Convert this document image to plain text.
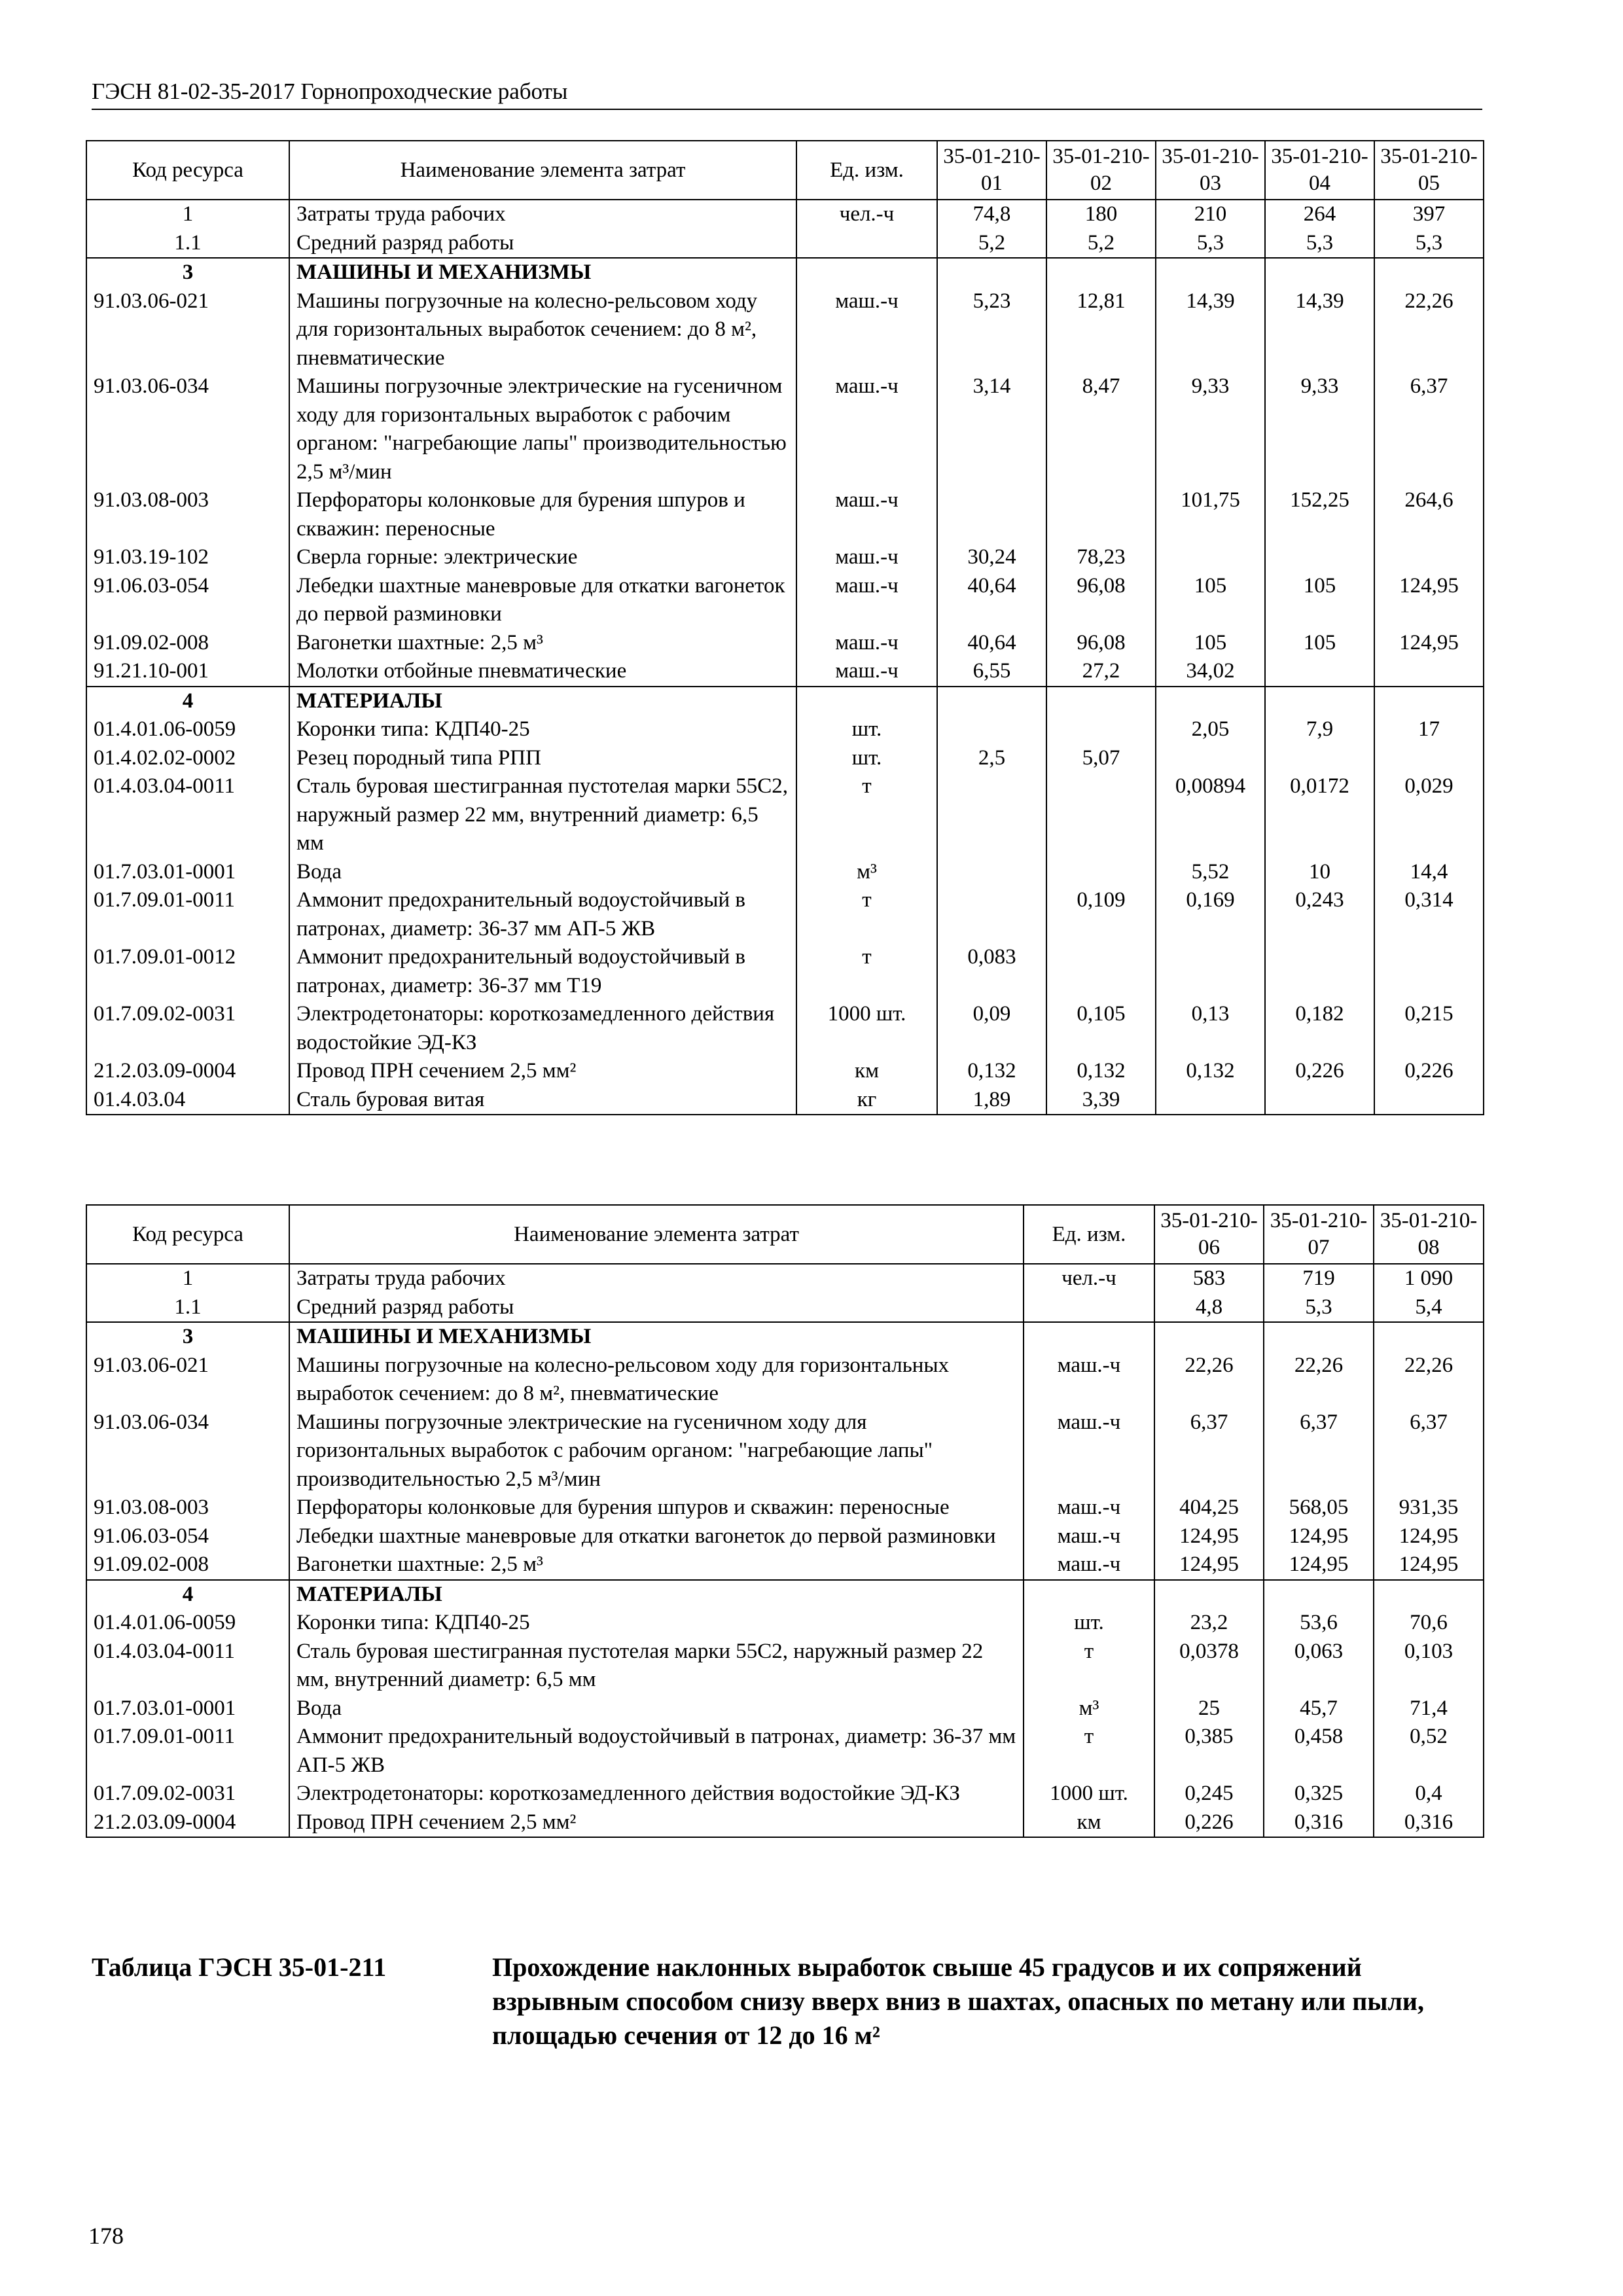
ГЭСН 81-02-35-2017 Горнопроходческие работы
Код ресурса	Наименование элемента затрат	Ед. изм.	35-01-210-01	35-01-210-02	35-01-210-03	35-01-210-04	35-01-210-05
1	Затраты труда рабочих	чел.-ч	74,8	180	210	264	397
1.1	Средний разряд работы		5,2	5,2	5,3	5,3	5,3
3	МАШИНЫ И МЕХАНИЗМЫ						
91.03.06-021	Машины погрузочные на колесно-рельсовом ходу для горизонтальных выработок сечением: до 8 м², пневматические	маш.-ч	5,23	12,81	14,39	14,39	22,26
91.03.06-034	Машины погрузочные электрические на гусеничном ходу для горизонтальных выработок с рабочим органом: "нагребающие лапы" производительностью 2,5 м³/мин	маш.-ч	3,14	8,47	9,33	9,33	6,37
91.03.08-003	Перфораторы колонковые для бурения шпуров и скважин: переносные	маш.-ч			101,75	152,25	264,6
91.03.19-102	Сверла горные: электрические	маш.-ч	30,24	78,23			
91.06.03-054	Лебедки шахтные маневровые для откатки вагонеток до первой разминовки	маш.-ч	40,64	96,08	105	105	124,95
91.09.02-008	Вагонетки шахтные: 2,5 м³	маш.-ч	40,64	96,08	105	105	124,95
91.21.10-001	Молотки отбойные пневматические	маш.-ч	6,55	27,2	34,02		
4	МАТЕРИАЛЫ						
01.4.01.06-0059	Коронки типа: КДП40-25	шт.			2,05	7,9	17
01.4.02.02-0002	Резец породный типа РПП	шт.	2,5	5,07			
01.4.03.04-0011	Сталь буровая шестигранная пустотелая марки 55С2, наружный размер 22 мм, внутренний диаметр: 6,5 мм	т			0,00894	0,0172	0,029
01.7.03.01-0001	Вода	м³			5,52	10	14,4
01.7.09.01-0011	Аммонит предохранительный водоустойчивый в патронах, диаметр: 36-37 мм АП-5 ЖВ	т		0,109	0,169	0,243	0,314
01.7.09.01-0012	Аммонит предохранительный водоустойчивый в патронах, диаметр: 36-37 мм Т19	т	0,083				
01.7.09.02-0031	Электродетонаторы: короткозамедленного действия водостойкие ЭД-КЗ	1000 шт.	0,09	0,105	0,13	0,182	0,215
21.2.03.09-0004	Провод ПРН сечением 2,5 мм²	км	0,132	0,132	0,132	0,226	0,226
01.4.03.04	Сталь буровая витая	кг	1,89	3,39			
Код ресурса	Наименование элемента затрат	Ед. изм.	35-01-210-06	35-01-210-07	35-01-210-08
1	Затраты труда рабочих	чел.-ч	583	719	1 090
1.1	Средний разряд работы		4,8	5,3	5,4
3	МАШИНЫ И МЕХАНИЗМЫ				
91.03.06-021	Машины погрузочные на колесно-рельсовом ходу для горизонтальных выработок сечением: до 8 м², пневматические	маш.-ч	22,26	22,26	22,26
91.03.06-034	Машины погрузочные электрические на гусеничном ходу для горизонтальных выработок с рабочим органом: "нагребающие лапы" производительностью 2,5 м³/мин	маш.-ч	6,37	6,37	6,37
91.03.08-003	Перфораторы колонковые для бурения шпуров и скважин: переносные	маш.-ч	404,25	568,05	931,35
91.06.03-054	Лебедки шахтные маневровые для откатки вагонеток до первой разминовки	маш.-ч	124,95	124,95	124,95
91.09.02-008	Вагонетки шахтные: 2,5 м³	маш.-ч	124,95	124,95	124,95
4	МАТЕРИАЛЫ				
01.4.01.06-0059	Коронки типа: КДП40-25	шт.	23,2	53,6	70,6
01.4.03.04-0011	Сталь буровая шестигранная пустотелая марки 55С2, наружный размер 22 мм, внутренний диаметр: 6,5 мм	т	0,0378	0,063	0,103
01.7.03.01-0001	Вода	м³	25	45,7	71,4
01.7.09.01-0011	Аммонит предохранительный водоустойчивый в патронах, диаметр: 36-37 мм АП-5 ЖВ	т	0,385	0,458	0,52
01.7.09.02-0031	Электродетонаторы: короткозамедленного действия водостойкие ЭД-КЗ	1000 шт.	0,245	0,325	0,4
21.2.03.09-0004	Провод ПРН сечением 2,5 мм²	км	0,226	0,316	0,316
Таблица ГЭСН 35-01-211	Прохождение наклонных выработок свыше 45 градусов и их сопряжений взрывным способом снизу вверх вниз в шахтах, опасных по метану или пыли, площадью сечения от 12 до 16 м²
178
